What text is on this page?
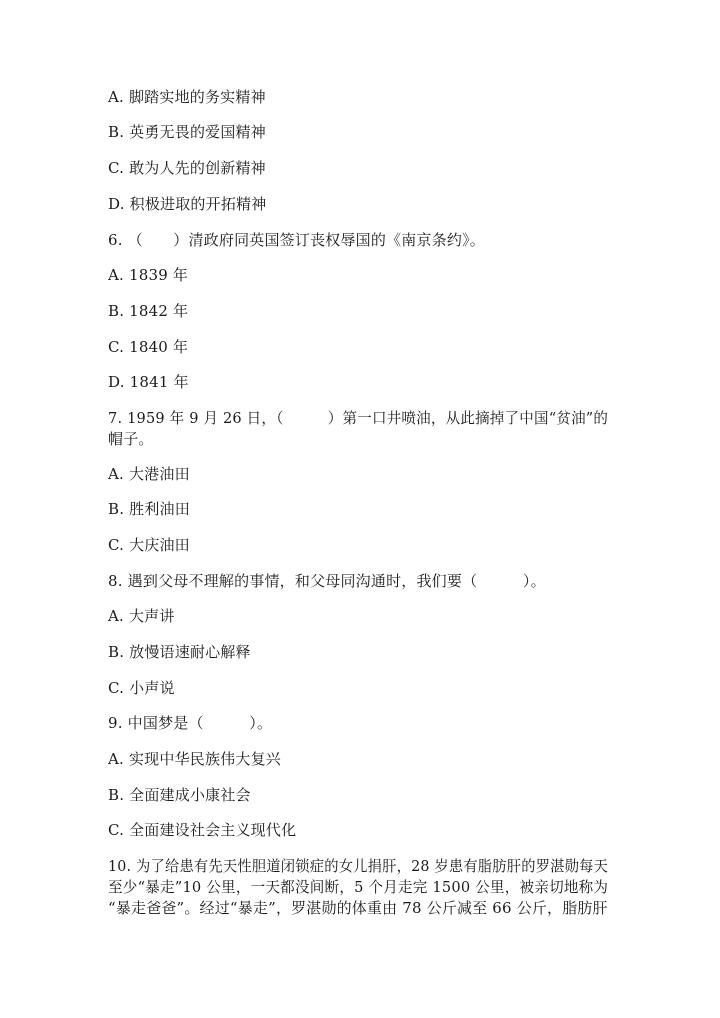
A. 脚踏实地的务实精神
B. 英勇无畏的爱国精神
C. 敢为人先的创新精神
D. 积极进取的开拓精神
6. （　　）清政府同英国签订丧权辱国的《南京条约》。
A. 1839 年
B. 1842 年
C. 1840 年
D. 1841 年
7. 1959 年 9 月 26 日，（　　　）第一口井喷油，从此摘掉了中国“贫油”的
帽子。
A. 大港油田
B. 胜利油田
C. 大庆油田
8. 遇到父母不理解的事情，和父母同沟通时，我们要（　　　）。
A. 大声讲
B. 放慢语速耐心解释
C. 小声说
9. 中国梦是（　　　）。
A. 实现中华民族伟大复兴
B. 全面建成小康社会
C. 全面建设社会主义现代化
10. 为了给患有先天性胆道闭锁症的女儿捐肝，28 岁患有脂肪肝的罗湛勋每天
至少“暴走”10 公里，一天都没间断，5 个月走完 1500 公里，被亲切地称为
“暴走爸爸”。经过“暴走”，罗湛勋的体重由 78 公斤减至 66 公斤，脂肪肝
